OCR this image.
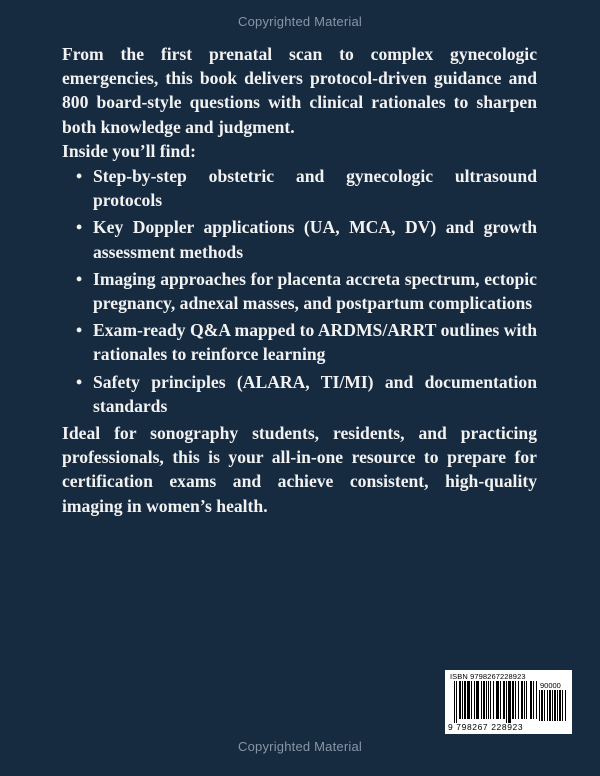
Copyrighted Material

From the first prenatal scan to complex gynecologic emergencies, this book delivers protocol-driven guidance and 800 board-style questions with clinical rationales to sharpen both knowledge and judgment.

Inside you’ll find:

• Step-by-step obstetric and gynecologic ultrasound protocols
• Key Doppler applications (UA, MCA, DV) and growth assessment methods
• Imaging approaches for placenta accreta spectrum, ectopic pregnancy, adnexal masses, and postpartum complications
• Exam-ready Q&A mapped to ARDMS/ARRT outlines with rationales to reinforce learning
• Safety principles (ALARA, TI/MI) and documentation standards

Ideal for sonography students, residents, and practicing professionals, this is your all-in-one resource to prepare for certification exams and achieve consistent, high-quality imaging in women’s health.

ISBN 9798267228923
90000
9 798267 228923
Copyrighted Material
